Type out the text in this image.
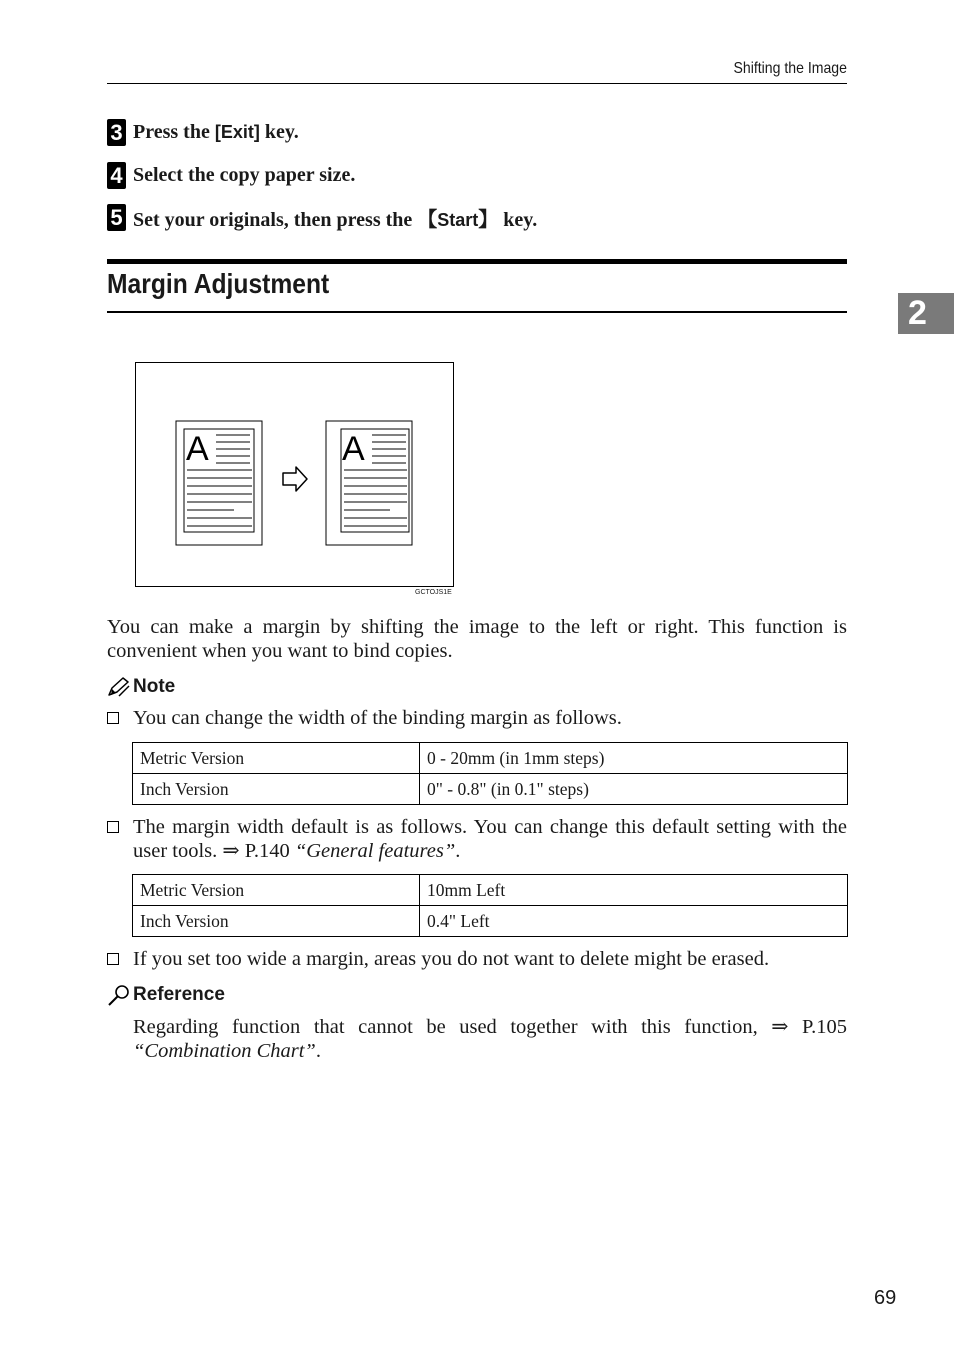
Shifting the Image
2
3 Press the [Exit] key.
4 Select the copy paper size.
5 Set your originals, then press the 【Start】 key.
Margin Adjustment
A	A
GCTOJS1E
You can make a margin by shifting the image to the left or right. This function is convenient when you want to bind copies.
Note
You can change the width of the binding margin as follows.
Metric Version	0 - 20mm (in 1mm steps)
Inch Version	0" - 0.8" (in 0.1" steps)
The margin width default is as follows. You can change this default setting with the user tools. ⇒ P.140 “General features”.
Metric Version	10mm Left
Inch Version	0.4" Left
If you set too wide a margin, areas you do not want to delete might be erased.
Reference
Regarding function that cannot be used together with this function, ⇒ P.105 “Combination Chart”.
69
